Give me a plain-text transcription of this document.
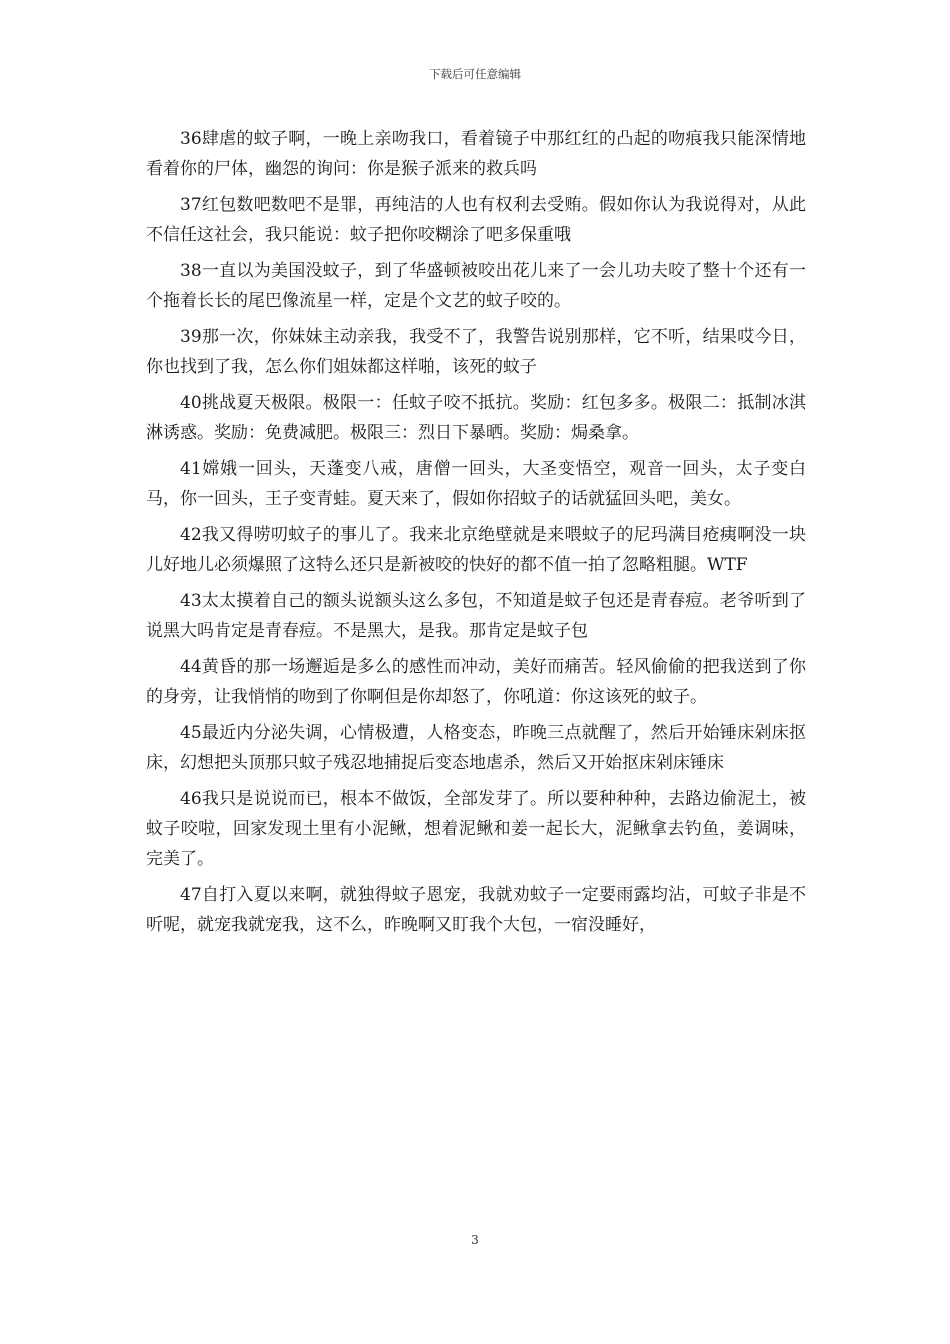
下载后可任意编辑

36肆虐的蚊子啊，一晚上亲吻我口，看着镜子中那红红的凸起的吻痕我只能深情地看着你的尸体，幽怨的询问：你是猴子派来的救兵吗

37红包数吧数吧不是罪，再纯洁的人也有权利去受贿。假如你认为我说得对，从此不信任这社会，我只能说：蚊子把你咬糊涂了吧多保重哦

38一直以为美国没蚊子，到了华盛顿被咬出花儿来了一会儿功夫咬了整十个还有一个拖着长长的尾巴像流星一样，定是个文艺的蚊子咬的。

39那一次，你妹妹主动亲我，我受不了，我警告说别那样，它不听，结果哎今日，你也找到了我，怎么你们姐妹都这样啪，该死的蚊子

40挑战夏天极限。极限一：任蚊子咬不抵抗。奖励：红包多多。极限二：抵制冰淇淋诱惑。奖励：免费减肥。极限三：烈日下暴晒。奖励：焗桑拿。

41嫦娥一回头，天蓬变八戒，唐僧一回头，大圣变悟空，观音一回头，太子变白马，你一回头，王子变青蛙。夏天来了，假如你招蚊子的话就猛回头吧，美女。

42我又得唠叨蚊子的事儿了。我来北京绝壁就是来喂蚊子的尼玛满目疮痍啊没一块儿好地儿必须爆照了这特么还只是新被咬的快好的都不值一拍了忽略粗腿。WTF

43太太摸着自己的额头说额头这么多包，不知道是蚊子包还是青春痘。老爷听到了说黑大吗肯定是青春痘。不是黑大，是我。那肯定是蚊子包

44黄昏的那一场邂逅是多么的感性而冲动，美好而痛苦。轻风偷偷的把我送到了你的身旁，让我悄悄的吻到了你啊但是你却怒了，你吼道：你这该死的蚊子。

45最近内分泌失调，心情极遭，人格变态，昨晚三点就醒了，然后开始锤床剁床抠床，幻想把头顶那只蚊子残忍地捕捉后变态地虐杀，然后又开始抠床剁床锤床

46我只是说说而已，根本不做饭，全部发芽了。所以要种种种，去路边偷泥土，被蚊子咬啦，回家发现土里有小泥鳅，想着泥鳅和姜一起长大，泥鳅拿去钓鱼，姜调味，完美了。

47自打入夏以来啊，就独得蚊子恩宠，我就劝蚊子一定要雨露均沾，可蚊子非是不听呢，就宠我就宠我，这不么，昨晚啊又盯我个大包，一宿没睡好，

3
